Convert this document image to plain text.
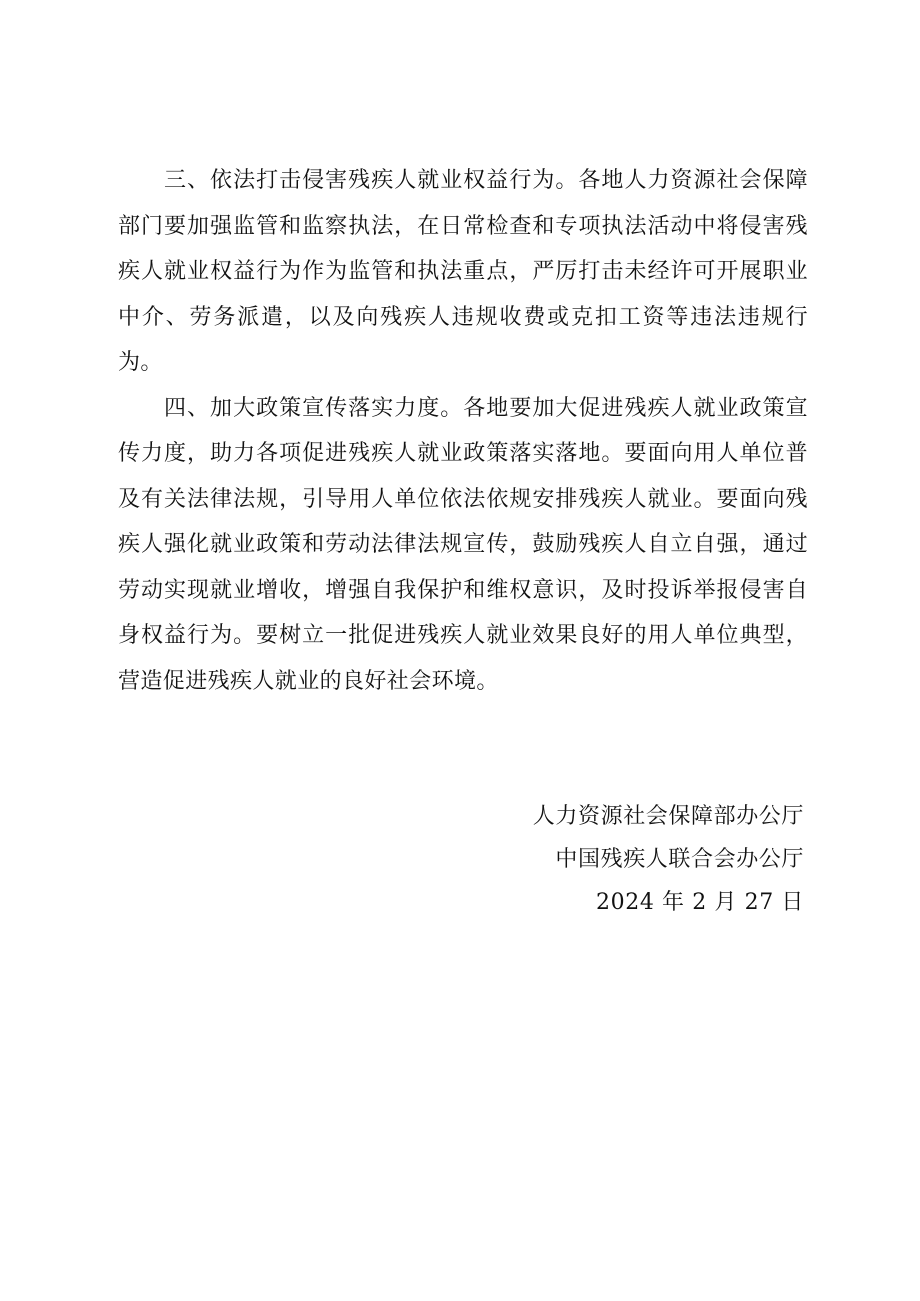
三、依法打击侵害残疾人就业权益行为。各地人力资源社会保障部门要加强监管和监察执法，在日常检查和专项执法活动中将侵害残疾人就业权益行为作为监管和执法重点，严厉打击未经许可开展职业中介、劳务派遣，以及向残疾人违规收费或克扣工资等违法违规行为。

四、加大政策宣传落实力度。各地要加大促进残疾人就业政策宣传力度，助力各项促进残疾人就业政策落实落地。要面向用人单位普及有关法律法规，引导用人单位依法依规安排残疾人就业。要面向残疾人强化就业政策和劳动法律法规宣传，鼓励残疾人自立自强，通过劳动实现就业增收，增强自我保护和维权意识，及时投诉举报侵害自身权益行为。要树立一批促进残疾人就业效果良好的用人单位典型，营造促进残疾人就业的良好社会环境。

人力资源社会保障部办公厅
中国残疾人联合会办公厅
2024 年 2 月 27 日
